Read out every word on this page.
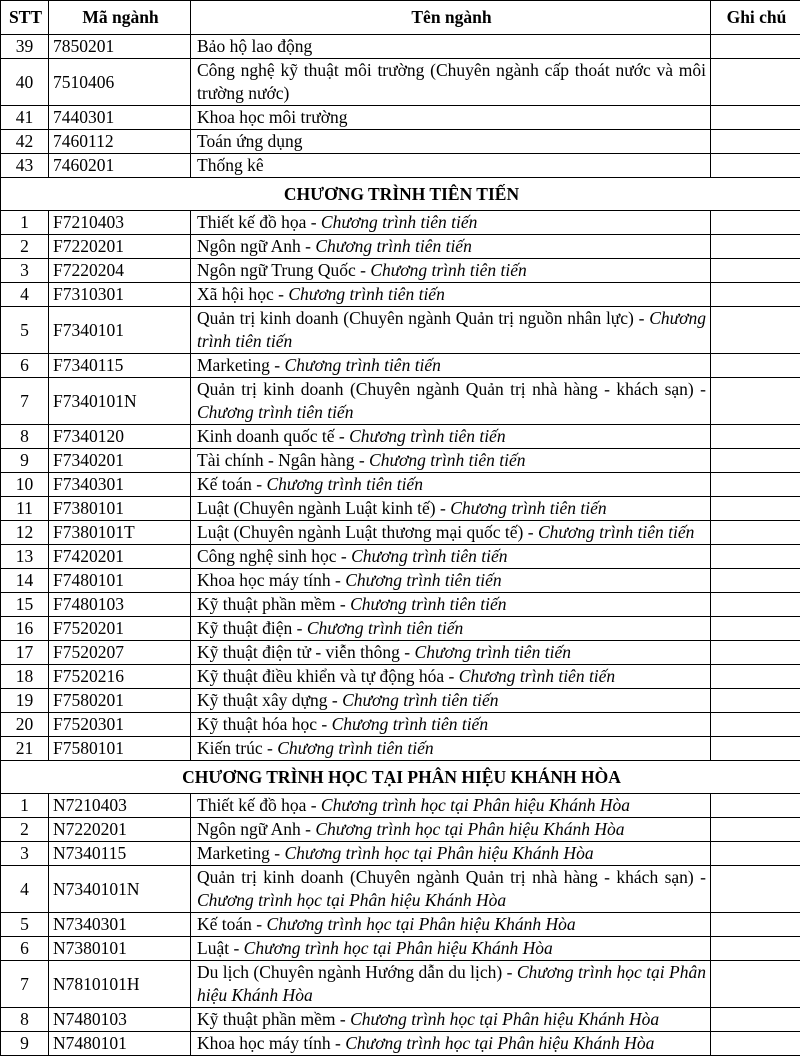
STT	Mã ngành	Tên ngành	Ghi chú
39	7850201	Bảo hộ lao động	
40	7510406	Công nghệ kỹ thuật môi trường (Chuyên ngành cấp thoát nước và môi trường nước)	
41	7440301	Khoa học môi trường	
42	7460112	Toán ứng dụng	
43	7460201	Thống kê	
CHƯƠNG TRÌNH TIÊN TIẾN			
1	F7210403	Thiết kế đồ họa - Chương trình tiên tiến	
2	F7220201	Ngôn ngữ Anh - Chương trình tiên tiến	
3	F7220204	Ngôn ngữ Trung Quốc - Chương trình tiên tiến	
4	F7310301	Xã hội học - Chương trình tiên tiến	
5	F7340101	Quản trị kinh doanh (Chuyên ngành Quản trị nguồn nhân lực) - Chương trình tiên tiến	
6	F7340115	Marketing - Chương trình tiên tiến	
7	F7340101N	Quản trị kinh doanh (Chuyên ngành Quản trị nhà hàng - khách sạn) - Chương trình tiên tiến	
8	F7340120	Kinh doanh quốc tế - Chương trình tiên tiến	
9	F7340201	Tài chính - Ngân hàng - Chương trình tiên tiến	
10	F7340301	Kế toán - Chương trình tiên tiến	
11	F7380101	Luật (Chuyên ngành Luật kinh tế) - Chương trình tiên tiến	
12	F7380101T	Luật (Chuyên ngành Luật thương mại quốc tế) - Chương trình tiên tiến	
13	F7420201	Công nghệ sinh học - Chương trình tiên tiến	
14	F7480101	Khoa học máy tính - Chương trình tiên tiến	
15	F7480103	Kỹ thuật phần mềm - Chương trình tiên tiến	
16	F7520201	Kỹ thuật điện - Chương trình tiên tiến	
17	F7520207	Kỹ thuật điện tử - viễn thông - Chương trình tiên tiến	
18	F7520216	Kỹ thuật điều khiển và tự động hóa - Chương trình tiên tiến	
19	F7580201	Kỹ thuật xây dựng - Chương trình tiên tiến	
20	F7520301	Kỹ thuật hóa học - Chương trình tiên tiến	
21	F7580101	Kiến trúc - Chương trình tiên tiến	
CHƯƠNG TRÌNH HỌC TẠI PHÂN HIỆU KHÁNH HÒA			
1	N7210403	Thiết kế đồ họa - Chương trình học tại Phân hiệu Khánh Hòa	
2	N7220201	Ngôn ngữ Anh - Chương trình học tại Phân hiệu Khánh Hòa	
3	N7340115	Marketing - Chương trình học tại Phân hiệu Khánh Hòa	
4	N7340101N	Quản trị kinh doanh (Chuyên ngành Quản trị nhà hàng - khách sạn) - Chương trình học tại Phân hiệu Khánh Hòa	
5	N7340301	Kế toán - Chương trình học tại Phân hiệu Khánh Hòa	
6	N7380101	Luật - Chương trình học tại Phân hiệu Khánh Hòa	
7	N7810101H	Du lịch (Chuyên ngành Hướng dẫn du lịch) - Chương trình học tại Phân hiệu Khánh Hòa	
8	N7480103	Kỹ thuật phần mềm - Chương trình học tại Phân hiệu Khánh Hòa	
9	N7480101	Khoa học máy tính - Chương trình học tại Phân hiệu Khánh Hòa	
